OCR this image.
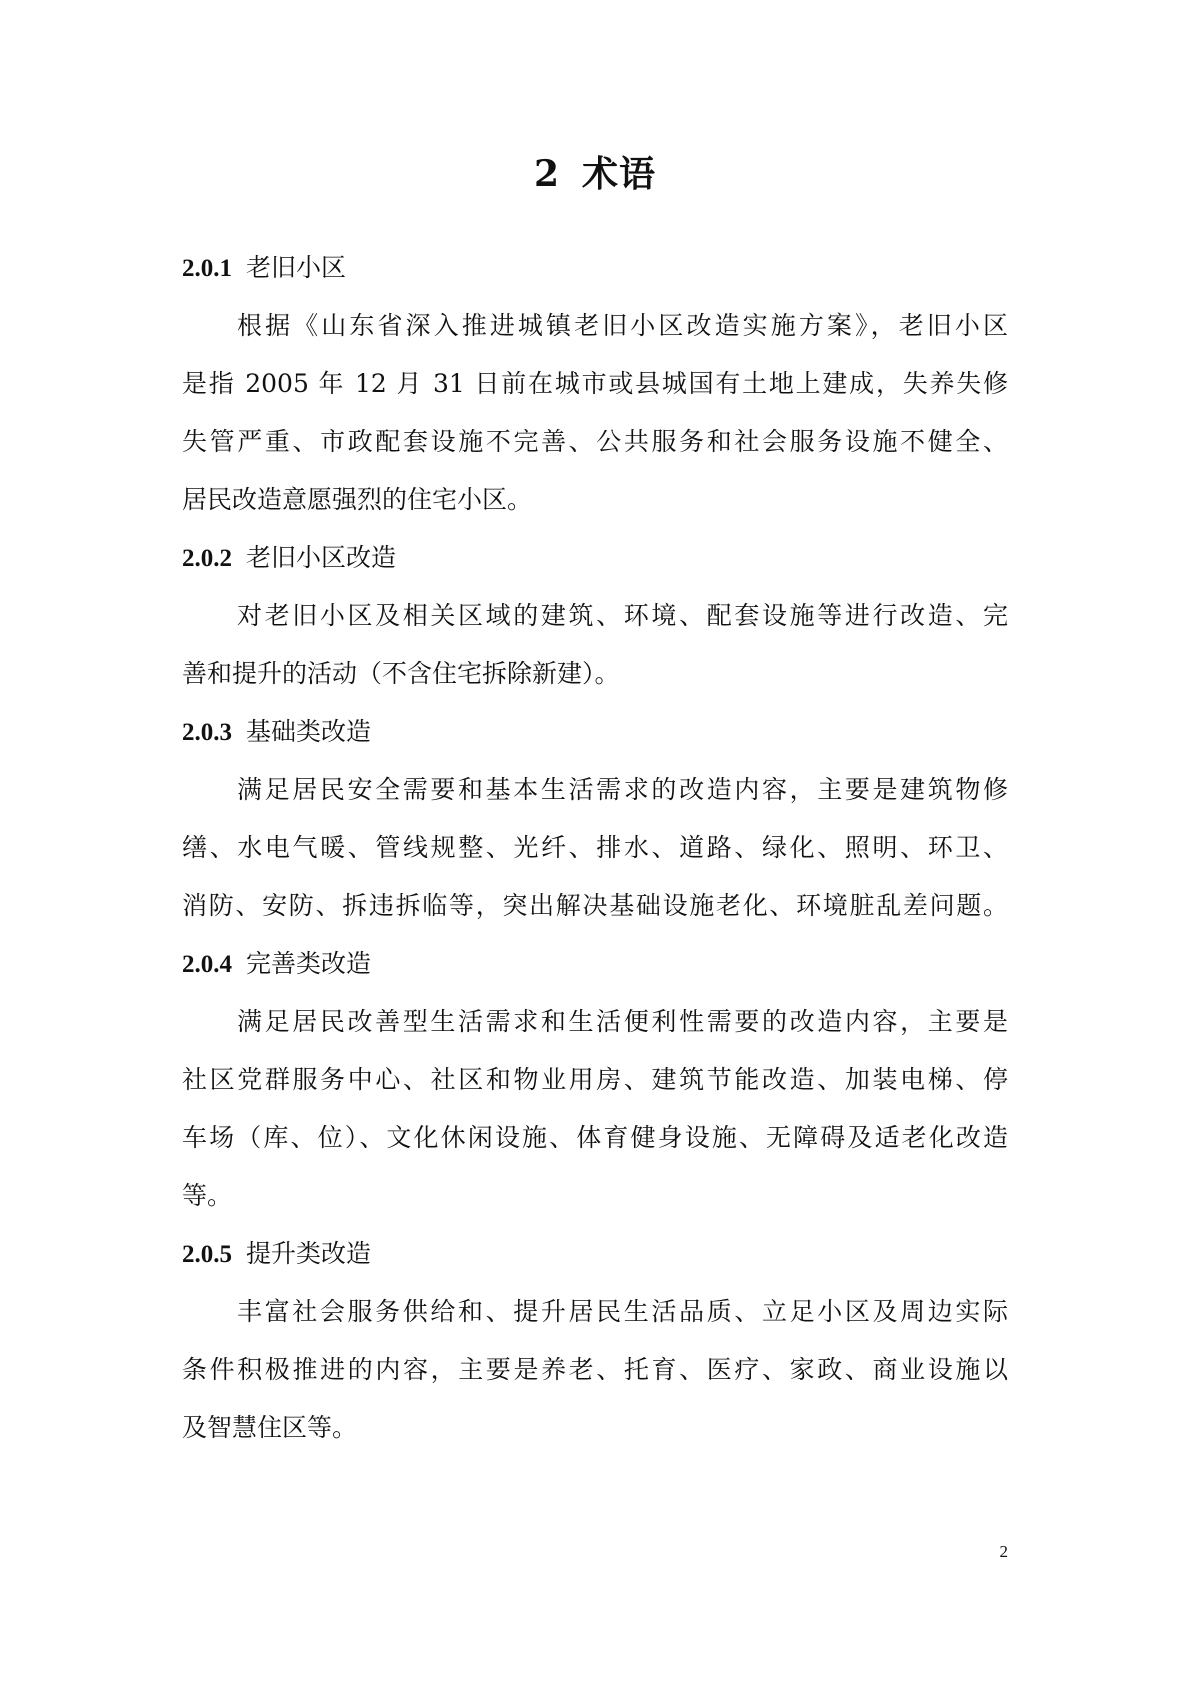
2 术语
2.0.1 老旧小区
根据《山东省深入推进城镇老旧小区改造实施方案》，老旧小区
是指 2005 年 12 月 31 日前在城市或县城国有土地上建成，失养失修
失管严重、市政配套设施不完善、公共服务和社会服务设施不健全、
居民改造意愿强烈的住宅小区。
2.0.2 老旧小区改造
对老旧小区及相关区域的建筑、环境、配套设施等进行改造、完
善和提升的活动（不含住宅拆除新建）。
2.0.3 基础类改造
满足居民安全需要和基本生活需求的改造内容，主要是建筑物修
缮、水电气暖、管线规整、光纤、排水、道路、绿化、照明、环卫、
消防、安防、拆违拆临等，突出解决基础设施老化、环境脏乱差问题。
2.0.4 完善类改造
满足居民改善型生活需求和生活便利性需要的改造内容，主要是
社区党群服务中心、社区和物业用房、建筑节能改造、加装电梯、停
车场（库、位）、文化休闲设施、体育健身设施、无障碍及适老化改造
等。
2.0.5 提升类改造
丰富社会服务供给和、提升居民生活品质、立足小区及周边实际
条件积极推进的内容，主要是养老、托育、医疗、家政、商业设施以
及智慧住区等。
2
